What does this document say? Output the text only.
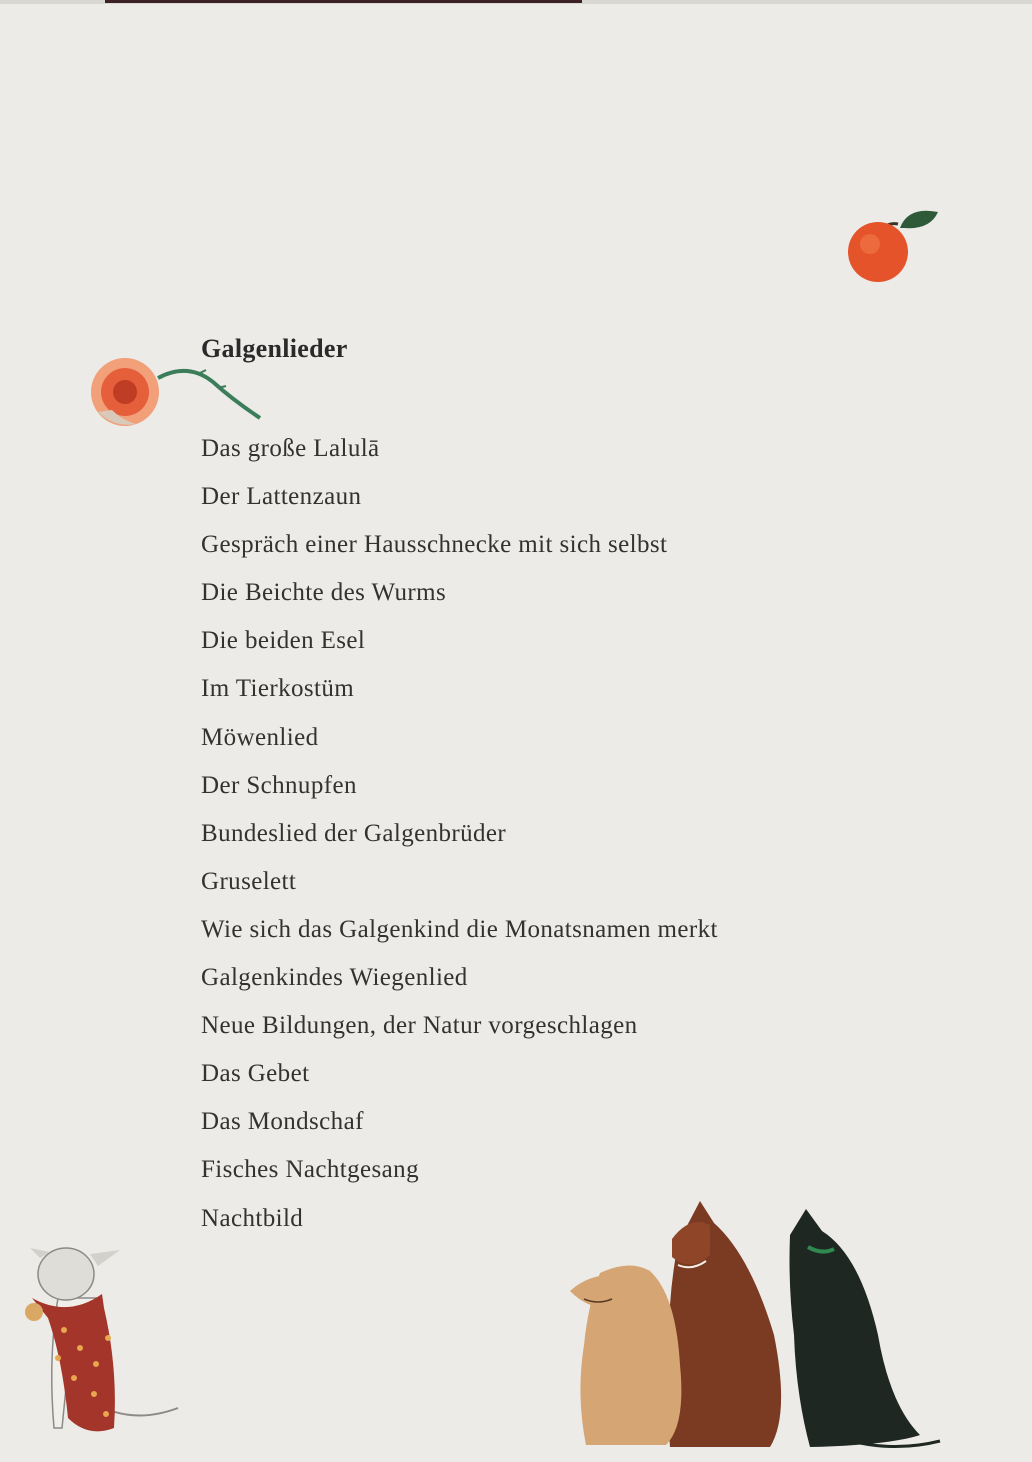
Galgenlieder
Das große Lalulā
Der Lattenzaun
Gespräch einer Hausschnecke mit sich selbst
Die Beichte des Wurms
Die beiden Esel
Im Tierkostüm
Möwenlied
Der Schnupfen
Bundeslied der Galgenbrüder
Gruselett
Wie sich das Galgenkind die Monatsnamen merkt
Galgenkindes Wiegenlied
Neue Bildungen, der Natur vorgeschlagen
Das Gebet
Das Mondschaf
Fisches Nachtgesang
Nachtbild
